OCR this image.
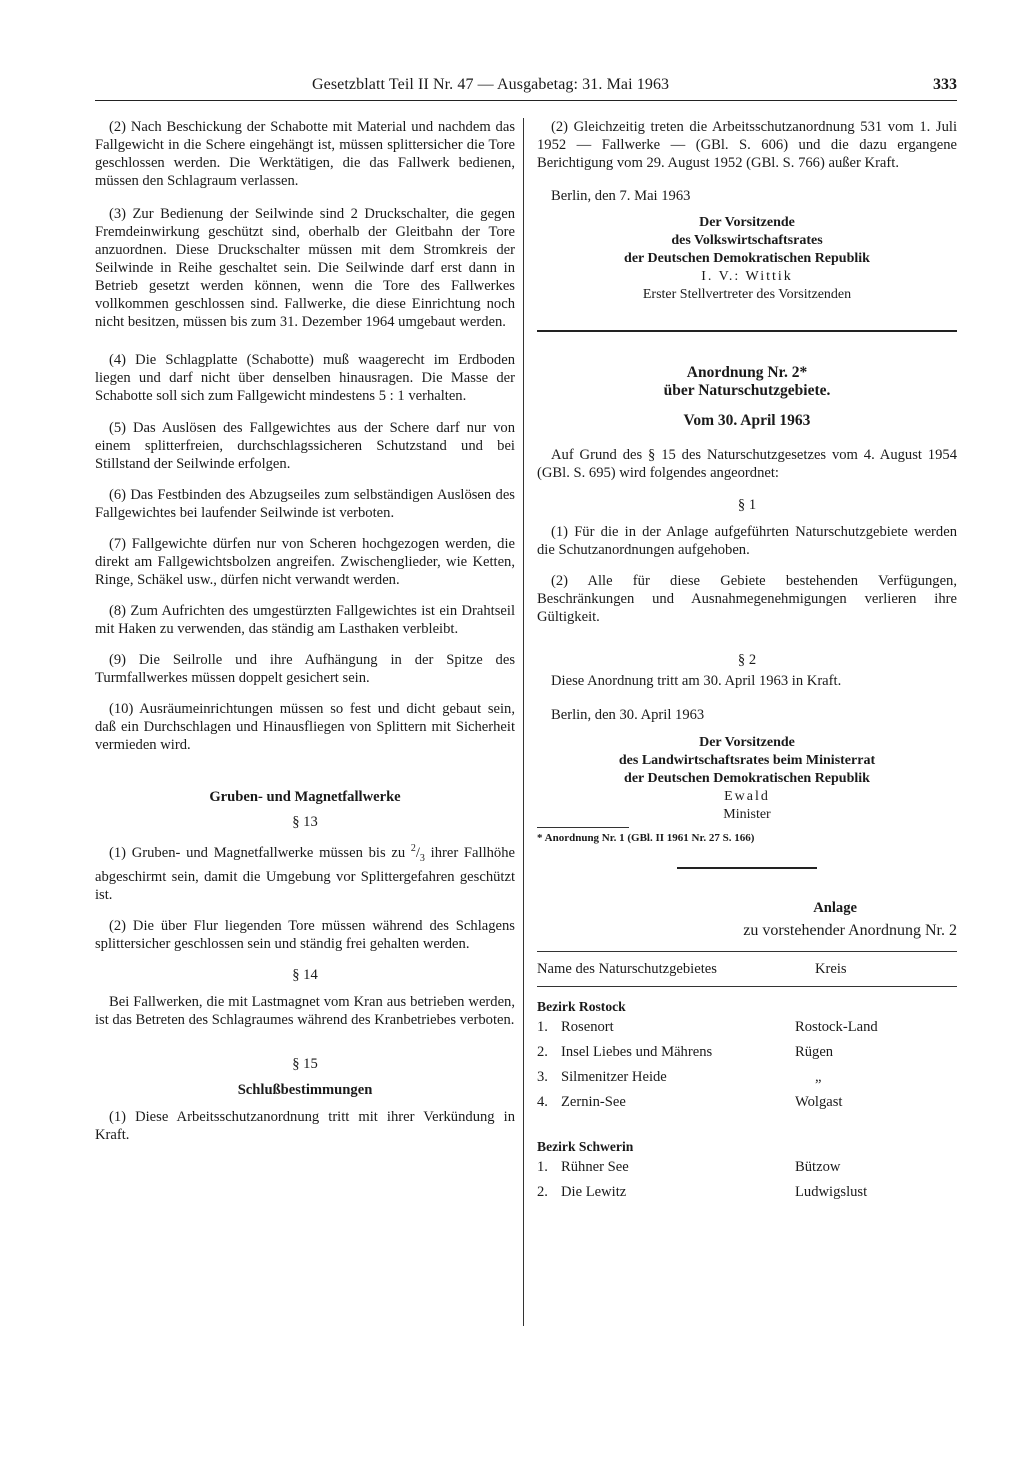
Gesetzblatt Teil II Nr. 47 — Ausgabetag: 31. Mai 1963	333

(2) Nach Beschickung der Schabotte mit Material und nachdem das Fallgewicht in die Schere eingehängt ist, müssen splittersicher die Tore geschlossen werden. Die Werktätigen, die das Fallwerk bedienen, müssen den Schlagraum verlassen.

(3) Zur Bedienung der Seilwinde sind 2 Druckschalter, die gegen Fremdeinwirkung geschützt sind, oberhalb der Gleitbahn der Tore anzuordnen. Diese Druckschalter müssen mit dem Stromkreis der Seilwinde in Reihe geschaltet sein. Die Seilwinde darf erst dann in Betrieb gesetzt werden können, wenn die Tore des Fallwerkes vollkommen geschlossen sind. Fallwerke, die diese Einrichtung noch nicht besitzen, müssen bis zum 31. Dezember 1964 umgebaut werden.

(4) Die Schlagplatte (Schabotte) muß waagerecht im Erdboden liegen und darf nicht über denselben hinausragen. Die Masse der Schabotte soll sich zum Fallgewicht mindestens 5 : 1 verhalten.

(5) Das Auslösen des Fallgewichtes aus der Schere darf nur von einem splitterfreien, durchschlagssicheren Schutzstand und bei Stillstand der Seilwinde erfolgen.

(6) Das Festbinden des Abzugseiles zum selbständigen Auslösen des Fallgewichtes bei laufender Seilwinde ist verboten.

(7) Fallgewichte dürfen nur von Scheren hochgezogen werden, die direkt am Fallgewichtsbolzen angreifen. Zwischenglieder, wie Ketten, Ringe, Schäkel usw., dürfen nicht verwandt werden.

(8) Zum Aufrichten des umgestürzten Fallgewichtes ist ein Drahtseil mit Haken zu verwenden, das ständig am Lasthaken verbleibt.

(9) Die Seilrolle und ihre Aufhängung in der Spitze des Turmfallwerkes müssen doppelt gesichert sein.

(10) Ausräumeinrichtungen müssen so fest und dicht gebaut sein, daß ein Durchschlagen und Hinausfliegen von Splittern mit Sicherheit vermieden wird.

Gruben- und Magnetfallwerke
§ 13

(1) Gruben- und Magnetfallwerke müssen bis zu $^2/_3$ ihrer Fallhöhe abgeschirmt sein, damit die Umgebung vor Splittergefahren geschützt ist.

(2) Die über Flur liegenden Tore müssen während des Schlagens splittersicher geschlossen sein und ständig frei gehalten werden.

§ 14

Bei Fallwerken, die mit Lastmagnet vom Kran aus betrieben werden, ist das Betreten des Schlagraumes während des Kranbetriebes verboten.

§ 15
Schlußbestimmungen

(1) Diese Arbeitsschutzanordnung tritt mit ihrer Verkündung in Kraft.

(2) Gleichzeitig treten die Arbeitsschutzanordnung 531 vom 1. Juli 1952 — Fallwerke — (GBl. S. 606) und die dazu ergangene Berichtigung vom 29. August 1952 (GBl. S. 766) außer Kraft.

Berlin, den 7. Mai 1963

Der Vorsitzende
des Volkswirtschaftsrates
der Deutschen Demokratischen Republik
I. V.: Wittik
Erster Stellvertreter des Vorsitzenden
Anordnung Nr. 2*
über Naturschutzgebiete.
Vom 30. April 1963

Auf Grund des § 15 des Naturschutzgesetzes vom 4. August 1954 (GBl. S. 695) wird folgendes angeordnet:

§ 1

(1) Für die in der Anlage aufgeführten Naturschutzgebiete werden die Schutzanordnungen aufgehoben.

(2) Alle für diese Gebiete bestehenden Verfügungen, Beschränkungen und Ausnahmegenehmigungen verlieren ihre Gültigkeit.

§ 2

Diese Anordnung tritt am 30. April 1963 in Kraft.

Berlin, den 30. April 1963

Der Vorsitzende
des Landwirtschaftsrates beim Ministerrat
der Deutschen Demokratischen Republik
Ewald
Minister
* Anordnung Nr. 1 (GBl. II 1961 Nr. 27 S. 166)
Anlage
zu vorstehender Anordnung Nr. 2
Name des Naturschutzgebietes	Kreis
Bezirk Rostock		
1.	Rosenort	Rostock-Land
2.	Insel Liebes und Mährens	Rügen
3.	Silmenitzer Heide	„
4.	Zernin-See	Wolgast
Bezirk Schwerin		
1.	Rühner See	Bützow
2.	Die Lewitz	Ludwigslust
